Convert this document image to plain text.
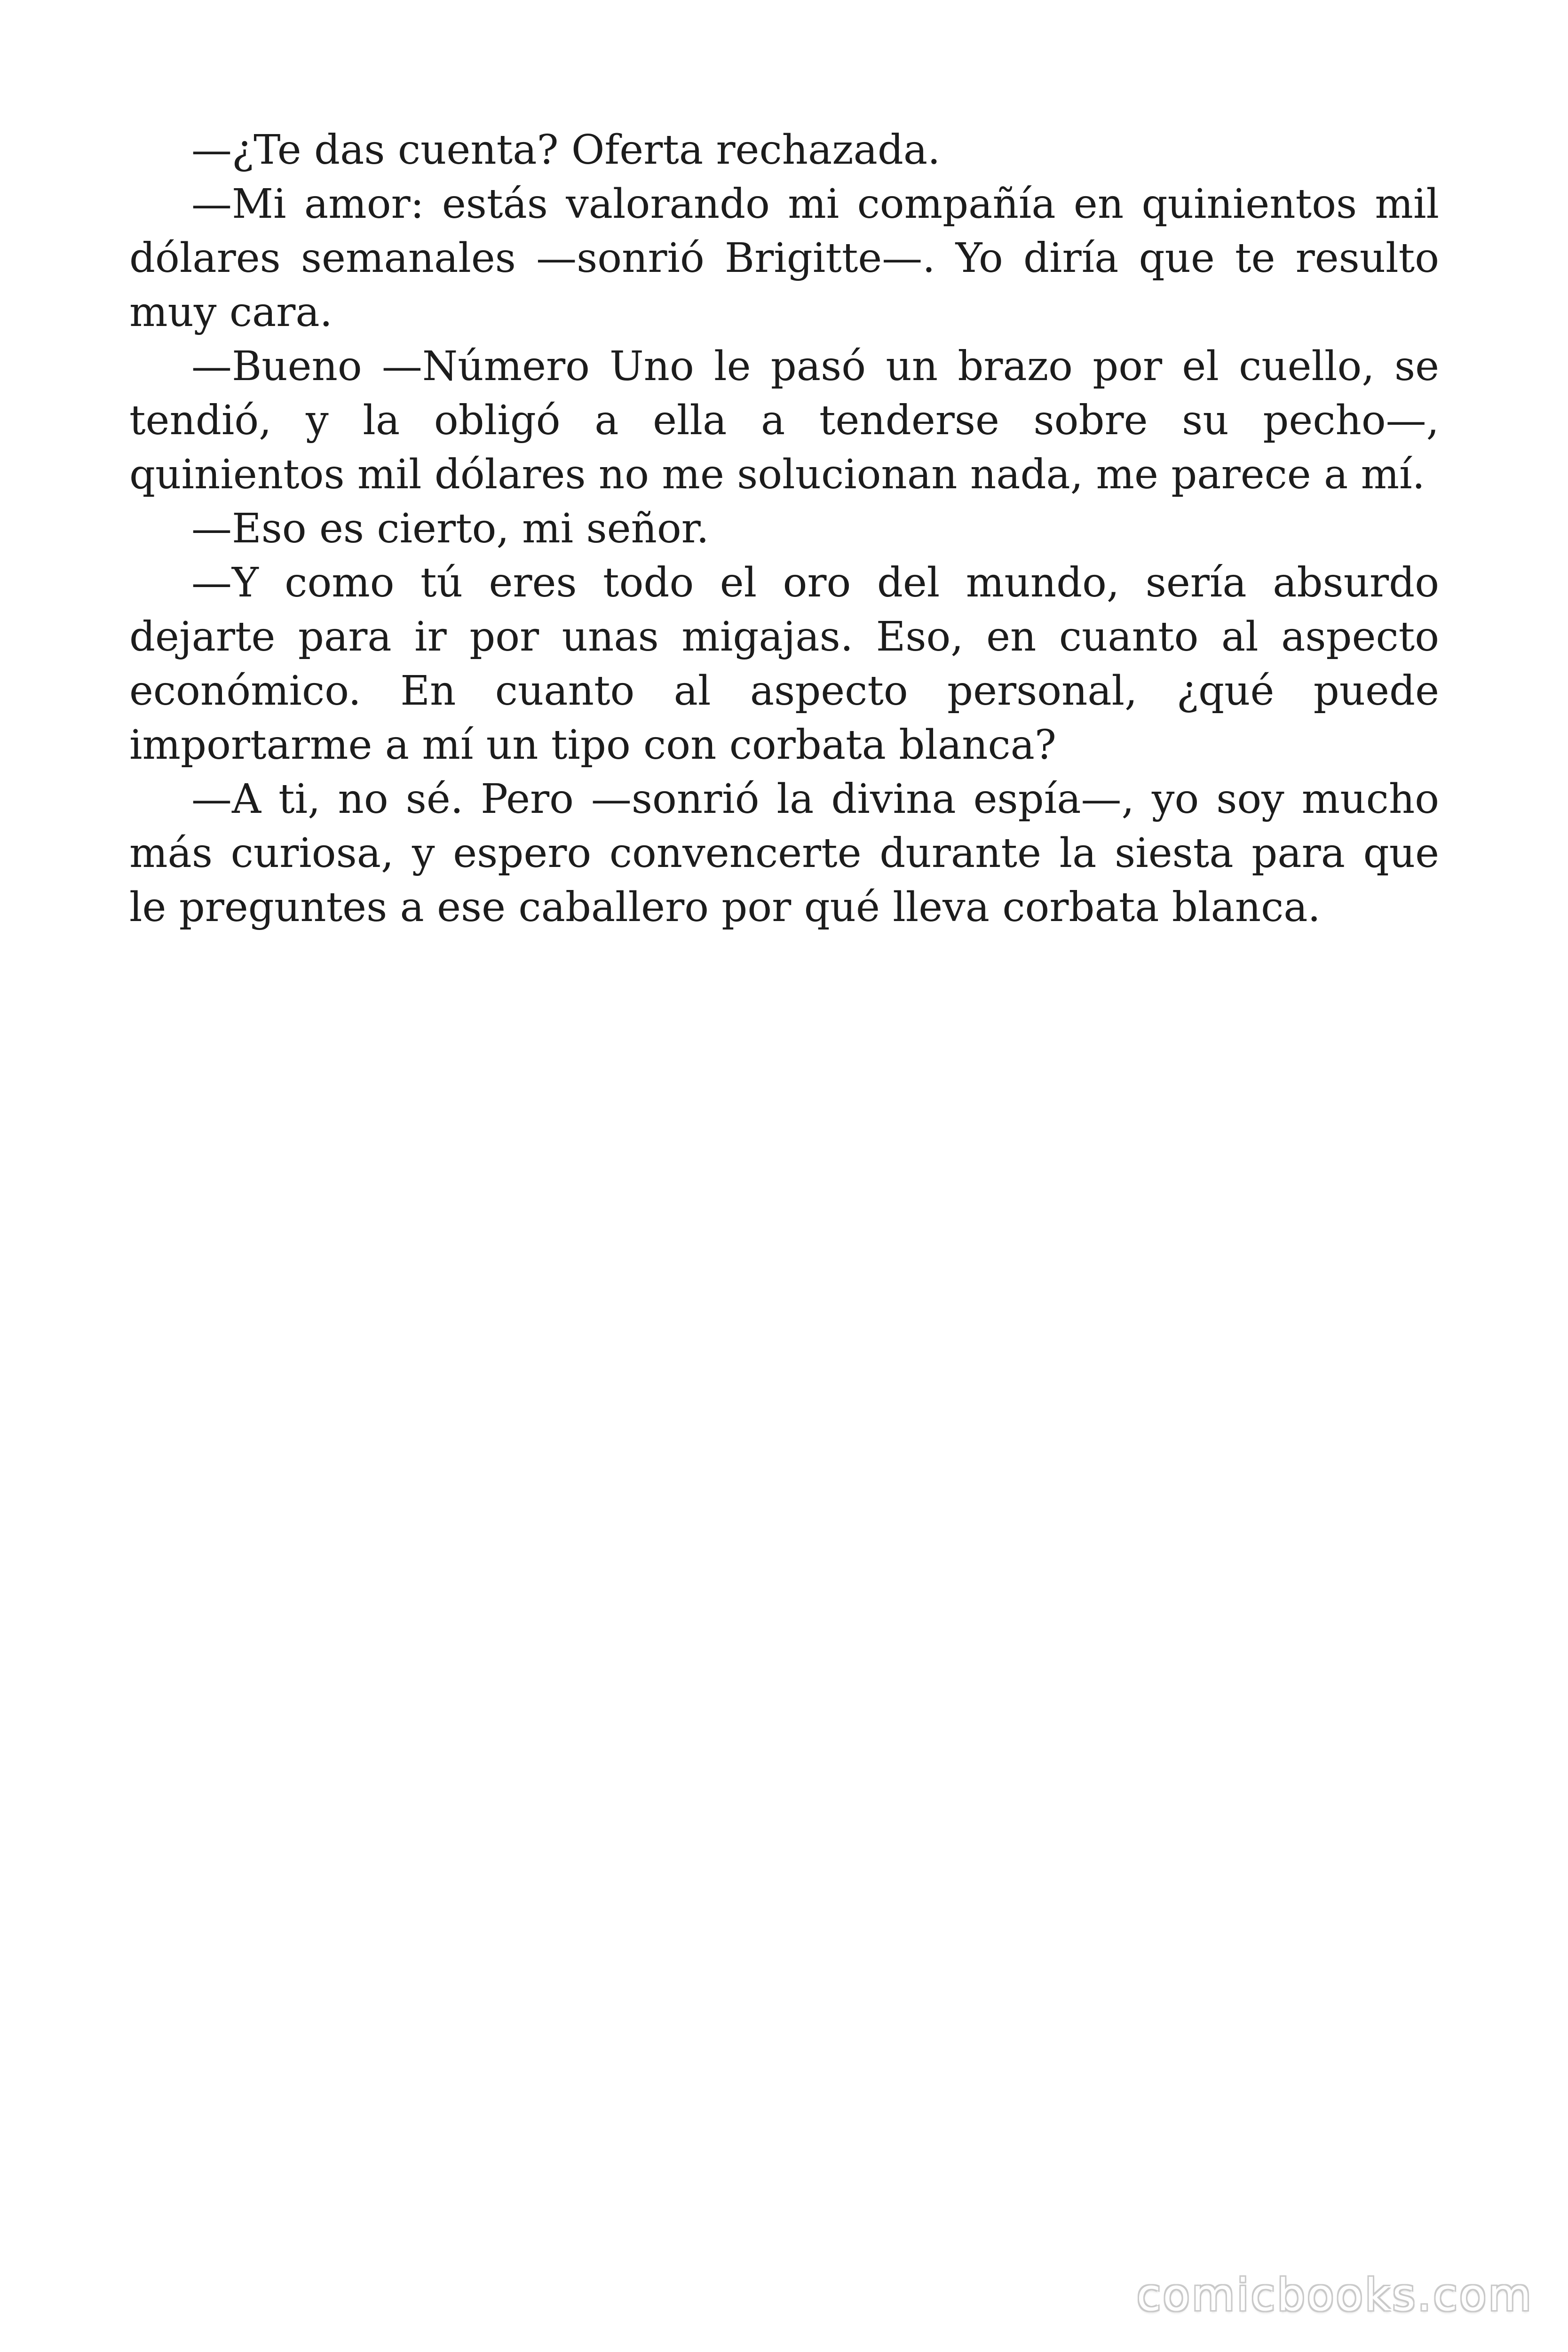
—¿Te das cuenta? Oferta rechazada.

—Mi amor: estás valorando mi compañía en quinientos mil dólares semanales —sonrió Brigitte—. Yo diría que te resulto muy cara.

—Bueno —Número Uno le pasó un brazo por el cuello, se tendió, y la obligó a ella a tenderse sobre su pecho—, quinientos mil dólares no me solucionan nada, me parece a mí.

—Eso es cierto, mi señor.

—Y como tú eres todo el oro del mundo, sería absurdo dejarte para ir por unas migajas. Eso, en cuanto al aspecto económico. En cuanto al aspecto personal, ¿qué puede importarme a mí un tipo con corbata blanca?

—A ti, no sé. Pero —sonrió la divina espía—, yo soy mucho más curiosa, y espero convencerte durante la siesta para que le preguntes a ese caballero por qué lleva corbata blanca.

comicbooks.com
